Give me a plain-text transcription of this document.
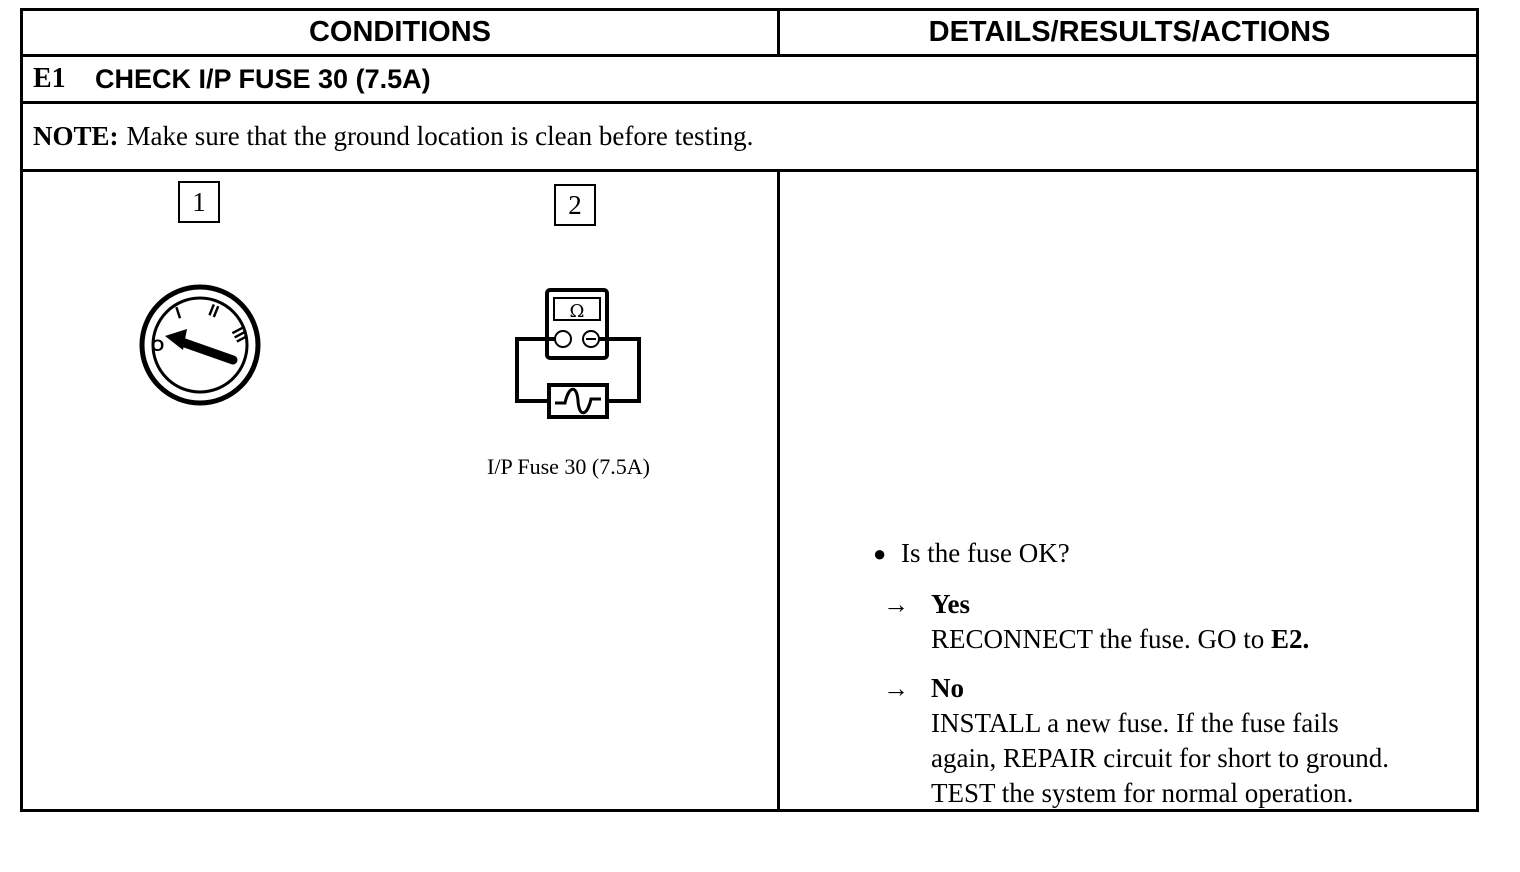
CONDITIONS	DETAILS/RESULTS/ACTIONS
E1	CHECK I/P FUSE 30 (7.5A)
NOTE: Make sure that the ground location is clean before testing.
1	2
O
I II
III
Ω
I/P Fuse 30 (7.5A)
● Is the fuse OK?
→ Yes
RECONNECT the fuse. GO to E2.
→ No
INSTALL a new fuse. If the fuse fails
again, REPAIR circuit for short to ground.
TEST the system for normal operation.
